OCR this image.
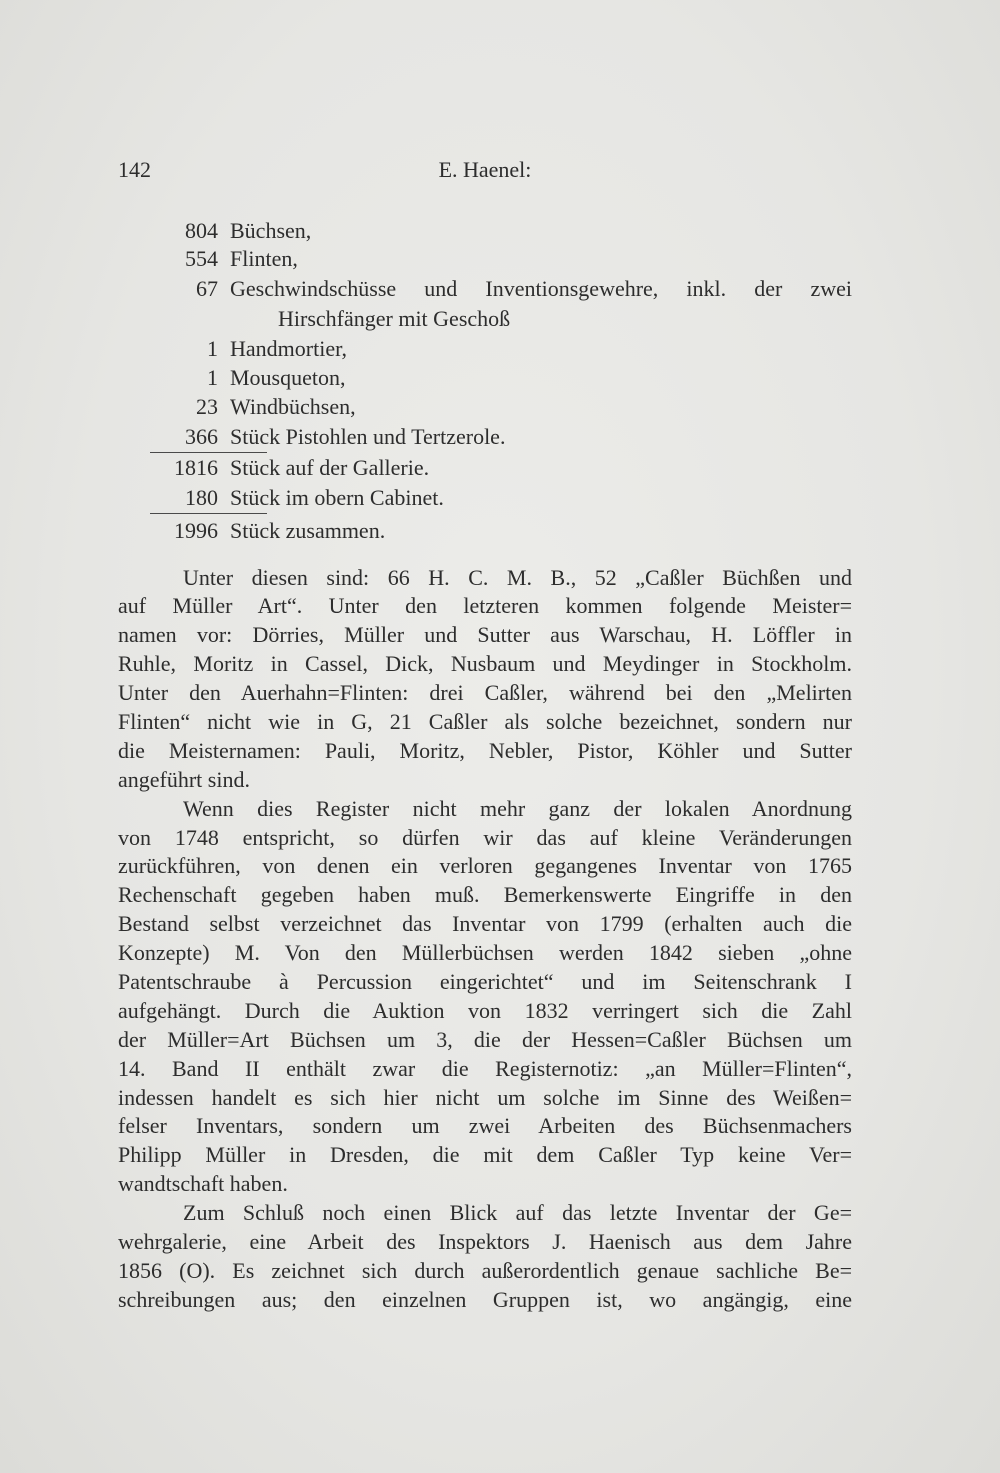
142	E. Haenel:
804 Büchsen,
554 Flinten,
67 Geschwindschüsse und Inventionsgewehre, inkl. der zwei
Hirschfänger mit Geschoß
1 Handmortier,
1 Mousqueton,
23 Windbüchsen,
366 Stück Pistohlen und Tertzerole.
1816 Stück auf der Gallerie.
180 Stück im obern Cabinet.
1996 Stück zusammen.
Unter diesen sind: 66 H. C. M. B., 52 „Caßler Büchßen und
auf Müller Art“. Unter den letzteren kommen folgende Meister=
namen vor: Dörries, Müller und Sutter aus Warschau, H. Löffler in
Ruhle, Moritz in Cassel, Dick, Nusbaum und Meydinger in Stockholm.
Unter den Auerhahn=Flinten: drei Caßler, während bei den „Melirten
Flinten“ nicht wie in G, 21 Caßler als solche bezeichnet, sondern nur
die Meisternamen: Pauli, Moritz, Nebler, Pistor, Köhler und Sutter
angeführt sind.
Wenn dies Register nicht mehr ganz der lokalen Anordnung
von 1748 entspricht, so dürfen wir das auf kleine Veränderungen
zurückführen, von denen ein verloren gegangenes Inventar von 1765
Rechenschaft gegeben haben muß. Bemerkenswerte Eingriffe in den
Bestand selbst verzeichnet das Inventar von 1799 (erhalten auch die
Konzepte) M. Von den Müllerbüchsen werden 1842 sieben „ohne
Patentschraube à Percussion eingerichtet“ und im Seitenschrank I
aufgehängt. Durch die Auktion von 1832 verringert sich die Zahl
der Müller=Art Büchsen um 3, die der Hessen=Caßler Büchsen um
14. Band II enthält zwar die Registernotiz: „an Müller=Flinten“,
indessen handelt es sich hier nicht um solche im Sinne des Weißen=
felser Inventars, sondern um zwei Arbeiten des Büchsenmachers
Philipp Müller in Dresden, die mit dem Caßler Typ keine Ver=
wandtschaft haben.
Zum Schluß noch einen Blick auf das letzte Inventar der Ge=
wehrgalerie, eine Arbeit des Inspektors J. Haenisch aus dem Jahre
1856 (O). Es zeichnet sich durch außerordentlich genaue sachliche Be=
schreibungen aus; den einzelnen Gruppen ist, wo angängig, eine
